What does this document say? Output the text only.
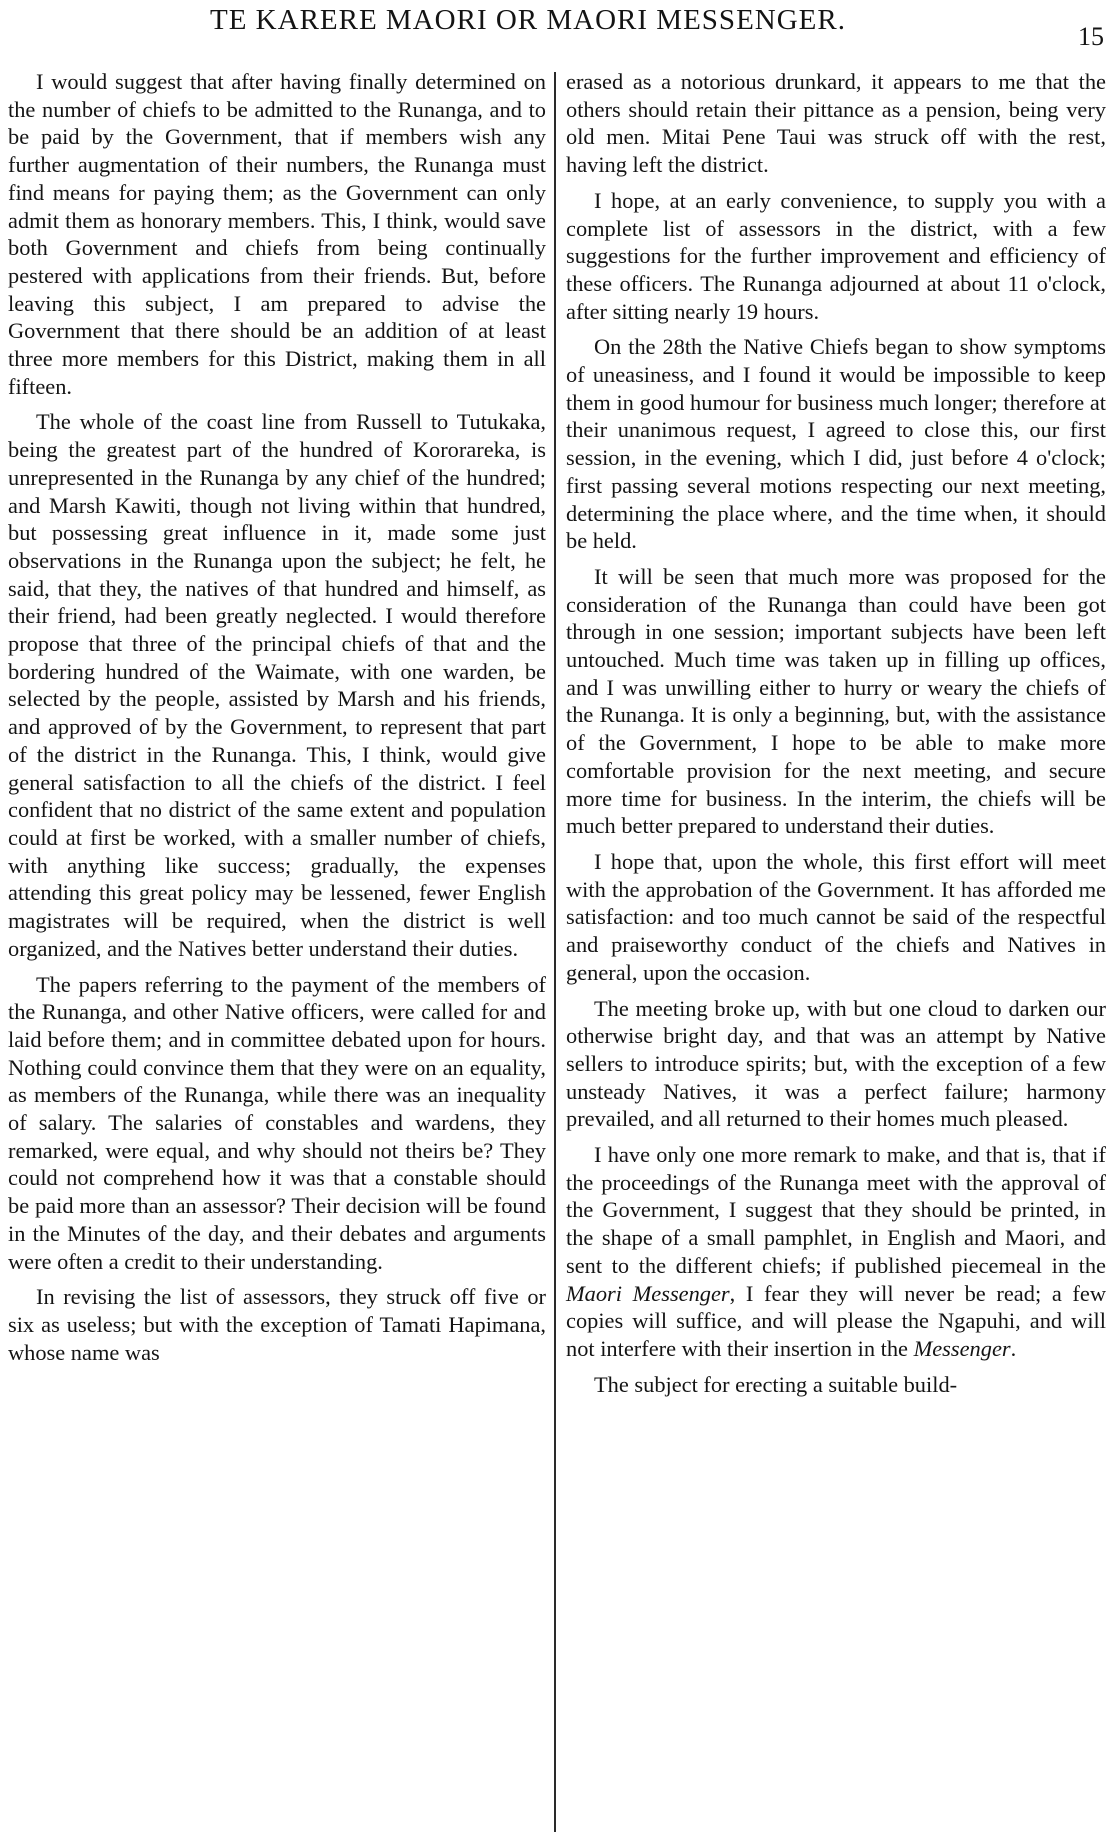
TE KARERE MAORI OR MAORI MESSENGER.
15

I would suggest that after having finally determined on the number of chiefs to be admitted to the Runanga, and to be paid by the Government, that if members wish any further augmentation of their numbers, the Runanga must find means for paying them; as the Government can only admit them as honorary members. This, I think, would save both Government and chiefs from being continually pestered with applications from their friends. But, before leaving this subject, I am prepared to advise the Government that there should be an addition of at least three more members for this District, making them in all fifteen.

The whole of the coast line from Russell to Tutukaka, being the greatest part of the hundred of Kororareka, is unrepresented in the Runanga by any chief of the hundred; and Marsh Kawiti, though not living within that hundred, but possessing great influence in it, made some just observations in the Runanga upon the subject; he felt, he said, that they, the natives of that hundred and himself, as their friend, had been greatly neglected. I would therefore propose that three of the principal chiefs of that and the bordering hundred of the Waimate, with one warden, be selected by the people, assisted by Marsh and his friends, and approved of by the Government, to represent that part of the district in the Runanga. This, I think, would give general satisfaction to all the chiefs of the district. I feel confident that no district of the same extent and population could at first be worked, with a smaller number of chiefs, with anything like success; gradually, the expenses attending this great policy may be lessened, fewer English magistrates will be required, when the district is well organized, and the Natives better understand their duties.

The papers referring to the payment of the members of the Runanga, and other Native officers, were called for and laid before them; and in committee debated upon for hours. Nothing could convince them that they were on an equality, as members of the Runanga, while there was an inequality of salary. The salaries of constables and wardens, they remarked, were equal, and why should not theirs be? They could not comprehend how it was that a constable should be paid more than an assessor? Their decision will be found in the Minutes of the day, and their debates and arguments were often a credit to their understanding.

In revising the list of assessors, they struck off five or six as useless; but with the exception of Tamati Hapimana, whose name was

erased as a notorious drunkard, it appears to me that the others should retain their pittance as a pension, being very old men. Mitai Pene Taui was struck off with the rest, having left the district.

I hope, at an early convenience, to supply you with a complete list of assessors in the district, with a few suggestions for the further improvement and efficiency of these officers. The Runanga adjourned at about 11 o'clock, after sitting nearly 19 hours.

On the 28th the Native Chiefs began to show symptoms of uneasiness, and I found it would be impossible to keep them in good humour for business much longer; therefore at their unanimous request, I agreed to close this, our first session, in the evening, which I did, just before 4 o'clock; first passing several motions respecting our next meeting, determining the place where, and the time when, it should be held.

It will be seen that much more was proposed for the consideration of the Runanga than could have been got through in one session; important subjects have been left untouched. Much time was taken up in filling up offices, and I was unwilling either to hurry or weary the chiefs of the Runanga. It is only a beginning, but, with the assistance of the Government, I hope to be able to make more comfortable provision for the next meeting, and secure more time for business. In the interim, the chiefs will be much better prepared to understand their duties.

I hope that, upon the whole, this first effort will meet with the approbation of the Government. It has afforded me satisfaction: and too much cannot be said of the respectful and praiseworthy conduct of the chiefs and Natives in general, upon the occasion.

The meeting broke up, with but one cloud to darken our otherwise bright day, and that was an attempt by Native sellers to introduce spirits; but, with the exception of a few unsteady Natives, it was a perfect failure; harmony prevailed, and all returned to their homes much pleased.

I have only one more remark to make, and that is, that if the proceedings of the Runanga meet with the approval of the Government, I suggest that they should be printed, in the shape of a small pamphlet, in English and Maori, and sent to the different chiefs; if published piecemeal in the Maori Messenger, I fear they will never be read; a few copies will suffice, and will please the Ngapuhi, and will not interfere with their insertion in the Messenger.

The subject for erecting a suitable build-
